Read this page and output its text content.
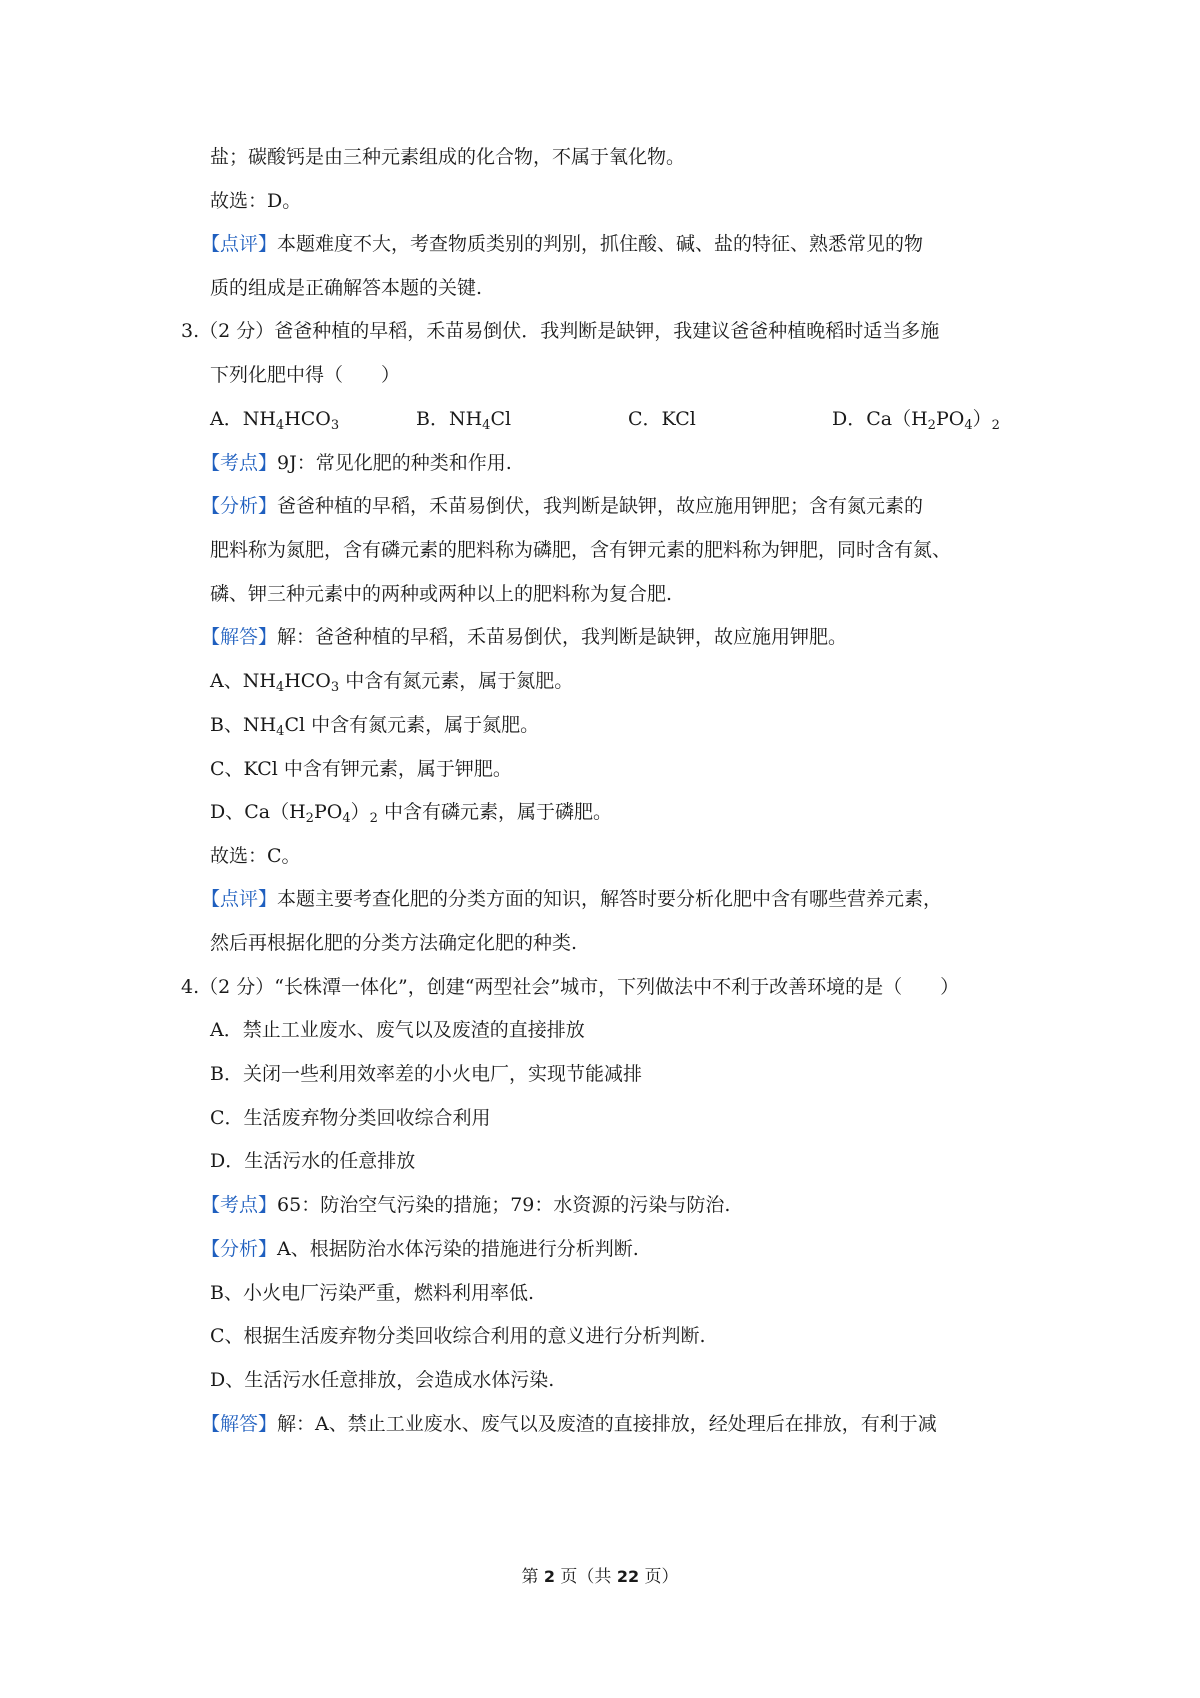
盐；碳酸钙是由三种元素组成的化合物，不属于氧化物。
故选：D。
【点评】本题难度不大，考查物质类别的判别，抓住酸、碱、盐的特征、熟悉常见的物
质的组成是正确解答本题的关键.
3.（2 分）爸爸种植的早稻，禾苗易倒伏．我判断是缺钾，我建议爸爸种植晚稻时适当多施
下列化肥中得（　　）
A．$NH_4HCO_3$	B．$NH_4Cl$	C．KCl	D．$Ca(H_2PO_4)_2$
【考点】9J：常见化肥的种类和作用.
【分析】爸爸种植的早稻，禾苗易倒伏，我判断是缺钾，故应施用钾肥；含有氮元素的
肥料称为氮肥，含有磷元素的肥料称为磷肥，含有钾元素的肥料称为钾肥，同时含有氮、
磷、钾三种元素中的两种或两种以上的肥料称为复合肥.
【解答】解：爸爸种植的早稻，禾苗易倒伏，我判断是缺钾，故应施用钾肥。
A、$NH_4HCO_3$ 中含有氮元素，属于氮肥。
B、$NH_4Cl$ 中含有氮元素，属于氮肥。
C、KCl 中含有钾元素，属于钾肥。
D、$Ca(H_2PO_4)_2$ 中含有磷元素，属于磷肥。
故选：C。
【点评】本题主要考查化肥的分类方面的知识，解答时要分析化肥中含有哪些营养元素，
然后再根据化肥的分类方法确定化肥的种类.
4.（2 分）“长株潭一体化”，创建“两型社会”城市，下列做法中不利于改善环境的是（　　）
A．禁止工业废水、废气以及废渣的直接排放
B．关闭一些利用效率差的小火电厂，实现节能减排
C．生活废弃物分类回收综合利用
D．生活污水的任意排放
【考点】65：防治空气污染的措施；79：水资源的污染与防治.
【分析】A、根据防治水体污染的措施进行分析判断.
B、小火电厂污染严重，燃料利用率低.
C、根据生活废弃物分类回收综合利用的意义进行分析判断.
D、生活污水任意排放，会造成水体污染.
【解答】解：A、禁止工业废水、废气以及废渣的直接排放，经处理后在排放，有利于减
第 2 页（共 22 页）
